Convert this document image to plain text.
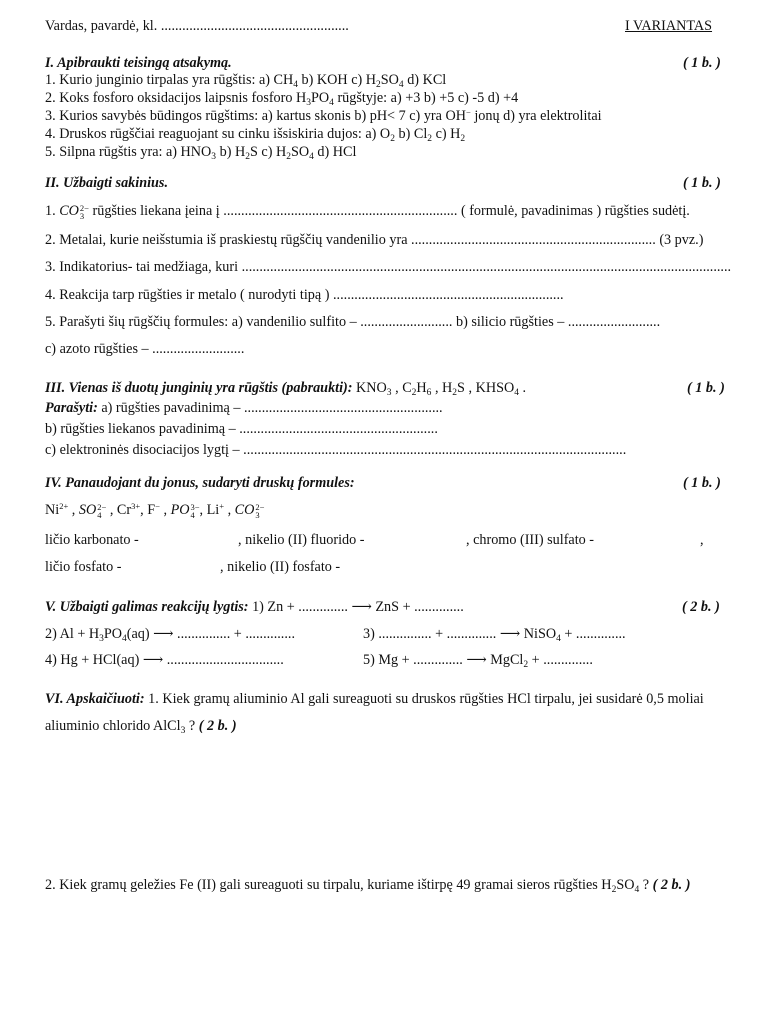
Vardas, pavardė, kl. .....................................................	I VARIANTAS
I. Apibraukti teisingą atsakymą.	( 1 b. )
1. Kurio junginio tirpalas yra rūgštis: a) $CH_4$ b) KOH c) $H_2SO_4$ d) KCl
2. Koks fosforo oksidacijos laipsnis fosforo $H_3PO_4$ rūgštyje: a) +3 b) +5 c) -5 d) +4
3. Kurios savybės būdingos rūgštims: a) kartus skonis b) pH< 7 c) yra OH− jonų d) yra elektrolitai
4. Druskos rūgščiai reaguojant su cinku išsiskiria dujos: a) $O_2$ b) $Cl_2$ c) $H_2$
5. Silpna rūgštis yra: a) $HNO_3$ b) $H_2S$ c) $H_2SO_4$ d) HCl
II. Užbaigti sakinius.	( 1 b. )
1. CO 2−
3 rūgšties liekana įeina į .................................................................. ( formulė, pavadinimas ) rūgšties sudėtį.
2. Metalai, kurie neišstumia iš praskiestų rūgščių vandenilio yra ..................................................................... (3 pvz.)
3. Indikatorius- tai medžiaga, kuri ..........................................................................................................................................
4. Reakcija tarp rūgšties ir metalo ( nurodyti tipą ) .................................................................
5. Parašyti šių rūgščių formules: a) vandenilio sulfito – .......................... b) silicio rūgšties – ..........................
c) azoto rūgšties – ..........................
III. Vienas iš duotų junginių yra rūgštis (pabraukti): $KNO_3$ , $C_2H_6$ , $H_2S$ , $KHSO_4$ .	( 1 b. )
Parašyti: a) rūgšties pavadinimą – ........................................................
b) rūgšties liekanos pavadinimą – ........................................................
c) elektroninės disociacijos lygtį – ............................................................................................................
IV. Panaudojant du jonus, sudaryti druskų formules:	( 1 b. )
$Ni^{2+}$ , SO 2−
4 , $Cr^{3+}$, F− , PO 3−
4 , Li+ , CO 2−
3
ličio karbonato -	, nikelio (II) fluorido -	, chromo (III) sulfato -	,
ličio fosfato -	, nikelio (II) fosfato -
V. Užbaigti galimas reakcijų lygtis: 1) Zn + .............. ⟶ ZnS + ..............	( 2 b. )
2) $Al + H_3PO_4(aq)$ ⟶ ............... + ..............	3) ............... + .............. ⟶ NiSO$_4$ + ..............
4) Hg + HCl(aq) ⟶ .................................	5) Mg + .............. ⟶ MgCl$_2$ + ..............
VI. Apskaičiuoti: 1. Kiek gramų aliuminio Al gali sureaguoti su druskos rūgšties HCl tirpalu, jei susidarė 0,5 moliai
aliuminio chlorido AlCl$_3$ ? ( 2 b. )
2. Kiek gramų geležies Fe (II) gali sureaguoti su tirpalu, kuriame ištirpę 49 gramai sieros rūgšties $H_2SO_4$ ? ( 2 b. )
